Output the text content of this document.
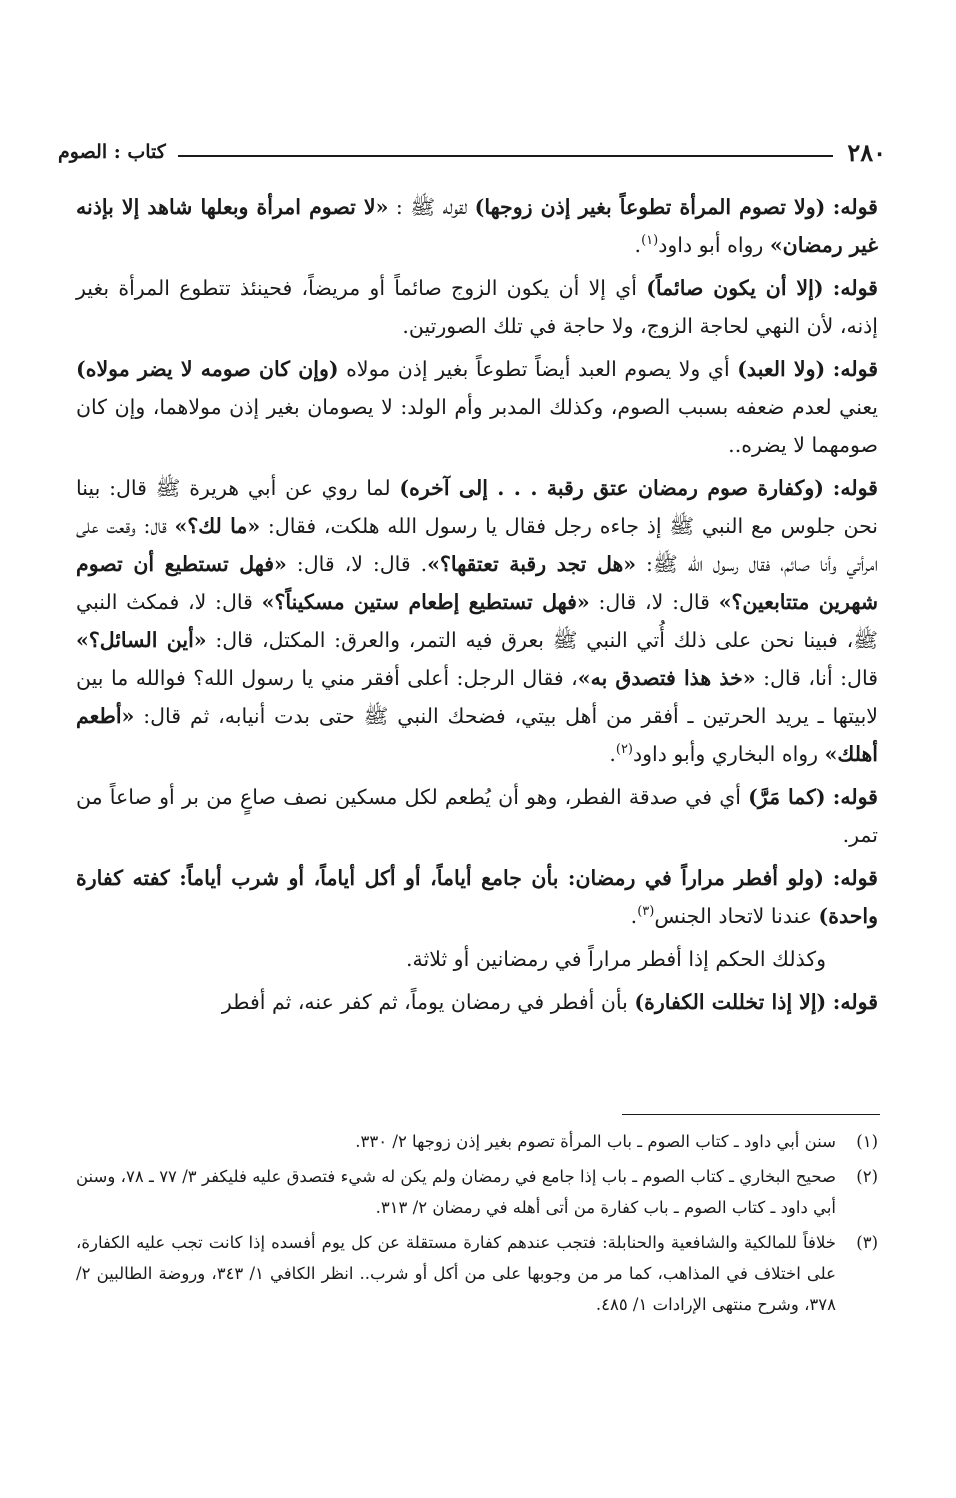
٢٨٠
كتاب : الصوم

قوله: (ولا تصوم المرأة تطوعاً بغير إذن زوجها) لقوله ﷺ : «لا تصوم امرأة وبعلها شاهد إلا بإذنه غير رمضان» رواه أبو داود$^{(١)}$.

قوله: (إلا أن يكون صائماً) أي إلا أن يكون الزوج صائماً أو مريضاً، فحينئذ تتطوع المرأة بغير إذنه، لأن النهي لحاجة الزوج، ولا حاجة في تلك الصورتين.

قوله: (ولا العبد) أي ولا يصوم العبد أيضاً تطوعاً بغير إذن مولاه (وإن كان صومه لا يضر مولاه) يعني لعدم ضعفه بسبب الصوم، وكذلك المدبر وأم الولد: لا يصومان بغير إذن مولاهما، وإن كان صومهما لا يضره..

قوله: (وكفارة صوم رمضان عتق رقبة . . . إلى آخره) لما روي عن أبي هريرة ﷺ قال: بينا نحن جلوس مع النبي ﷺ إذ جاءه رجل فقال يا رسول الله هلكت، فقال: «ما لك؟» قال: وقعت على امرأتي وأنا صائم، فقال رسول الله ﷺ: «هل تجد رقبة تعتقها؟». قال: لا، قال: «فهل تستطيع أن تصوم شهرين متتابعين؟» قال: لا، قال: «فهل تستطيع إطعام ستين مسكيناً؟» قال: لا، فمكث النبي ﷺ، فبينا نحن على ذلك أُتي النبي ﷺ بعرق فيه التمر، والعرق: المكتل، قال: «أين السائل؟» قال: أنا، قال: «خذ هذا فتصدق به»، فقال الرجل: أعلى أفقر مني يا رسول الله؟ فوالله ما بين لابيتها ـ يريد الحرتين ـ أفقر من أهل بيتي، فضحك النبي ﷺ حتى بدت أنيابه، ثم قال: «أطعم أهلك» رواه البخاري وأبو داود$^{(٢)}$.

قوله: (كما مَرَّ) أي في صدقة الفطر، وهو أن يُطعم لكل مسكين نصف صاعٍ من بر أو صاعاً من تمر.

قوله: (ولو أفطر مراراً في رمضان: بأن جامع أياماً، أو أكل أياماً، أو شرب أياماً: كفته كفارة واحدة) عندنا لاتحاد الجنس$^{(٣)}$.

وكذلك الحكم إذا أفطر مراراً في رمضانين أو ثلاثة.

قوله: (إلا إذا تخللت الكفارة) بأن أفطر في رمضان يوماً، ثم كفر عنه، ثم أفطر

(١)
سنن أبي داود ـ كتاب الصوم ـ باب المرأة تصوم بغير إذن زوجها ٢/ ٣٣٠.
(٢)
صحيح البخاري ـ كتاب الصوم ـ باب إذا جامع في رمضان ولم يكن له شيء فتصدق عليه فليكفر ٣/ ٧٧ ـ ٧٨، وسنن أبي داود ـ كتاب الصوم ـ باب كفارة من أتى أهله في رمضان ٢/ ٣١٣.
(٣)
خلافاً للمالكية والشافعية والحنابلة: فتجب عندهم كفارة مستقلة عن كل يوم أفسده إذا كانت تجب عليه الكفارة، على اختلاف في المذاهب، كما مر من وجوبها على من أكل أو شرب.. انظر الكافي ١/ ٣٤٣، وروضة الطالبين ٢/ ٣٧٨، وشرح منتهى الإرادات ١/ ٤٨٥.
